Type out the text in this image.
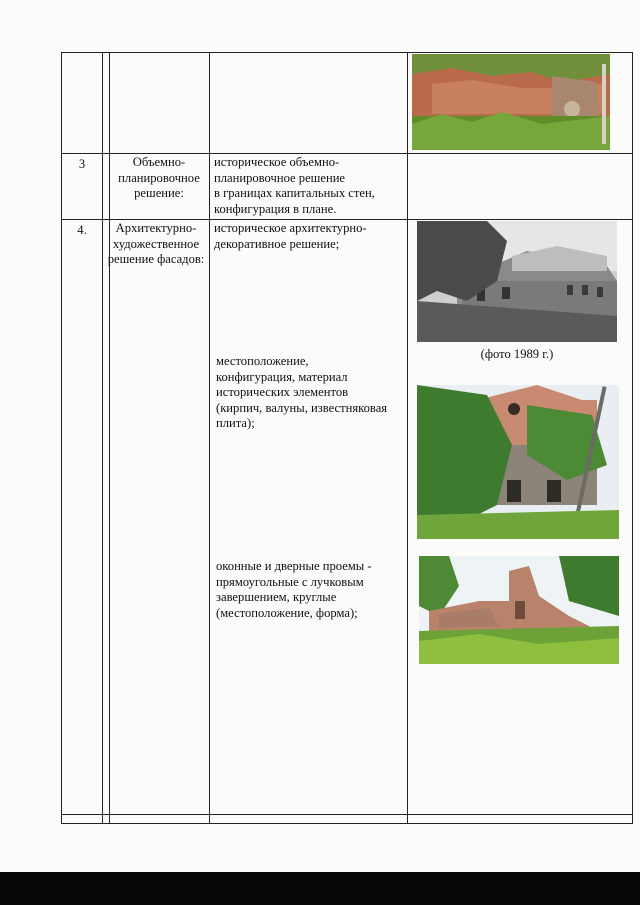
3	Объемно-
планировочное
решение:
историческое объемно-
планировочное решение
в границах капитальных стен,
конфигурация в плане.
4.	Архитектурно-
художественное
решение фасадов:
историческое архитектурно-
декоративное решение;
местоположение,
конфигурация, материал
исторических элементов
(кирпич, валуны, известняковая
плита);
оконные и дверные проемы -
прямоугольные с лучковым
завершением, круглые
(местоположение, форма);
(фото 1989 г.)
